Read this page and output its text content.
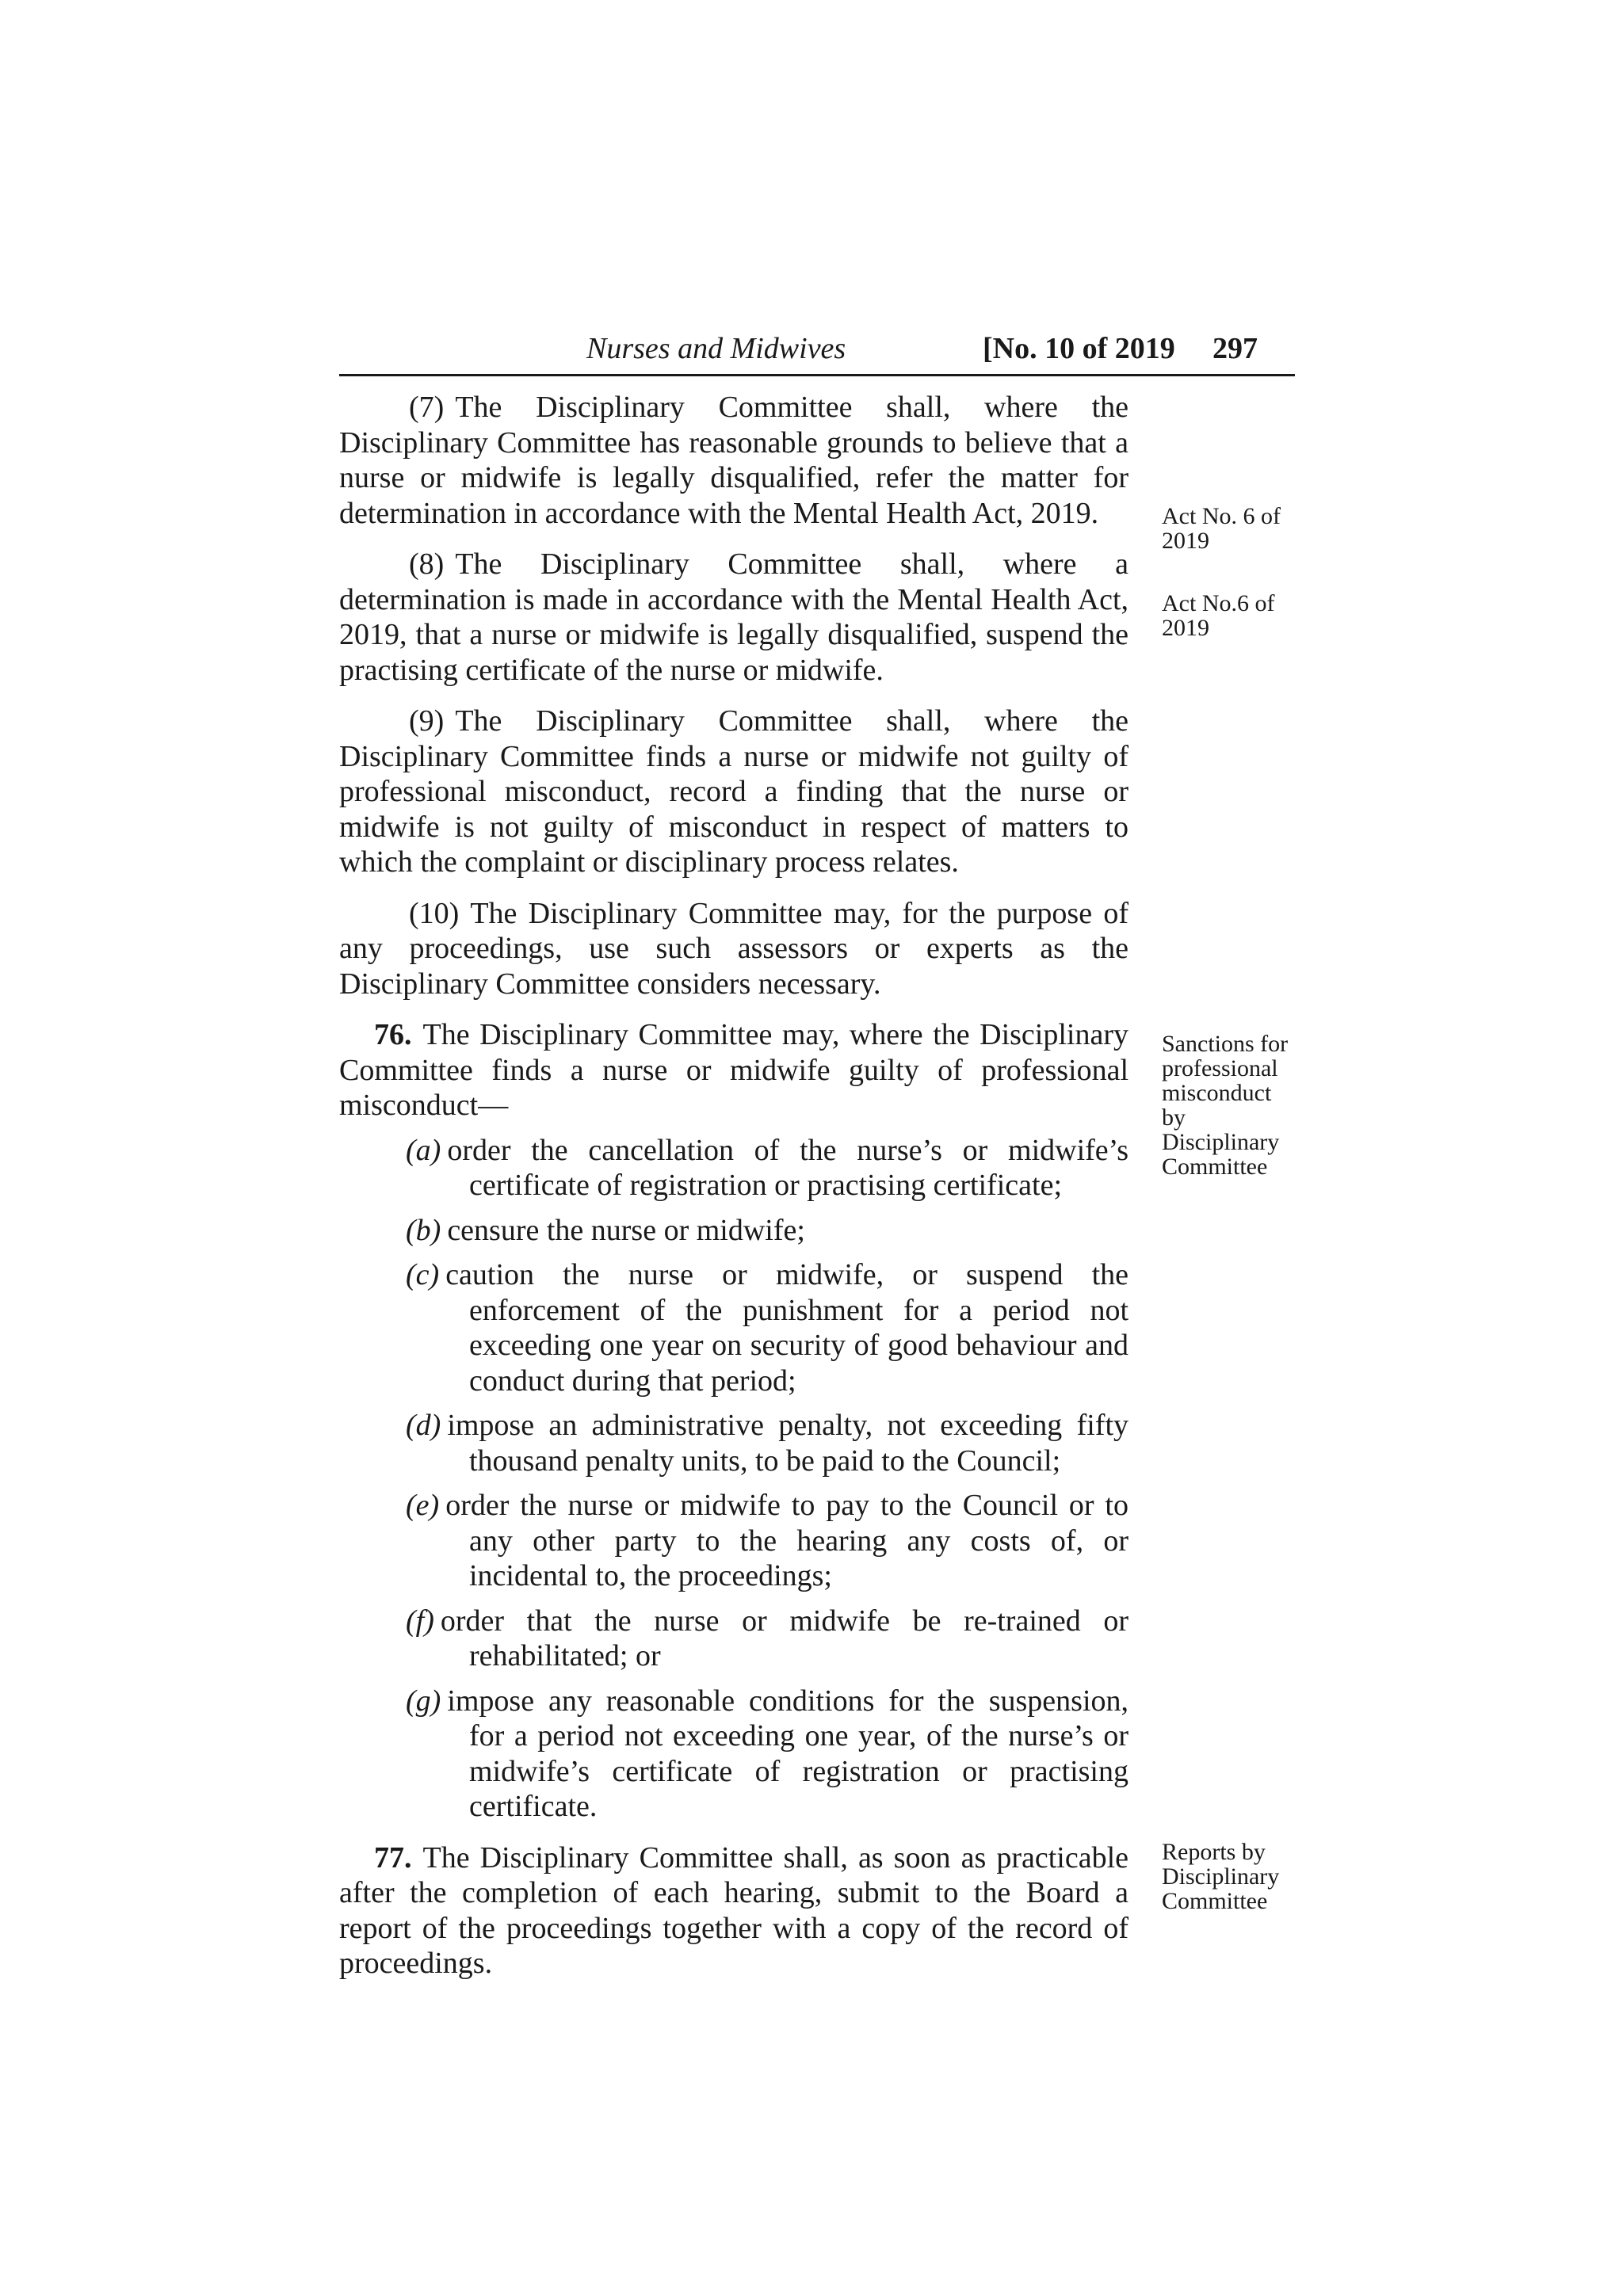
Nurses and Midwives	[No. 10 of 2019 297

(7) The Disciplinary Committee shall, where the Disciplinary Committee has reasonable grounds to believe that a nurse or midwife is legally disqualified, refer the matter for determination in accordance with the Mental Health Act, 2019.

(8) The Disciplinary Committee shall, where a determination is made in accordance with the Mental Health Act, 2019, that a nurse or midwife is legally disqualified, suspend the practising certificate of the nurse or midwife.

(9) The Disciplinary Committee shall, where the Disciplinary Committee finds a nurse or midwife not guilty of professional misconduct, record a finding that the nurse or midwife is not guilty of misconduct in respect of matters to which the complaint or disciplinary process relates.

(10) The Disciplinary Committee may, for the purpose of any proceedings, use such assessors or experts as the Disciplinary Committee considers necessary.

76. The Disciplinary Committee may, where the Disciplinary Committee finds a nurse or midwife guilty of professional misconduct—

(a) order the cancellation of the nurse’s or midwife’s certificate of registration or practising certificate;

(b) censure the nurse or midwife;

(c) caution the nurse or midwife, or suspend the enforcement of the punishment for a period not exceeding one year on security of good behaviour and conduct during that period;

(d) impose an administrative penalty, not exceeding fifty thousand penalty units, to be paid to the Council;

(e) order the nurse or midwife to pay to the Council or to any other party to the hearing any costs of, or incidental to, the proceedings;

(f) order that the nurse or midwife be re-trained or rehabilitated; or

(g) impose any reasonable conditions for the suspension, for a period not exceeding one year, of the nurse’s or midwife’s certificate of registration or practising certificate.

77. The Disciplinary Committee shall, as soon as practicable after the completion of each hearing, submit to the Board a report of the proceedings together with a copy of the record of proceedings.

Act No. 6 of 2019
Act No.6 of 2019
Sanctions for professional misconduct by Disciplinary Committee
Reports by Disciplinary Committee
